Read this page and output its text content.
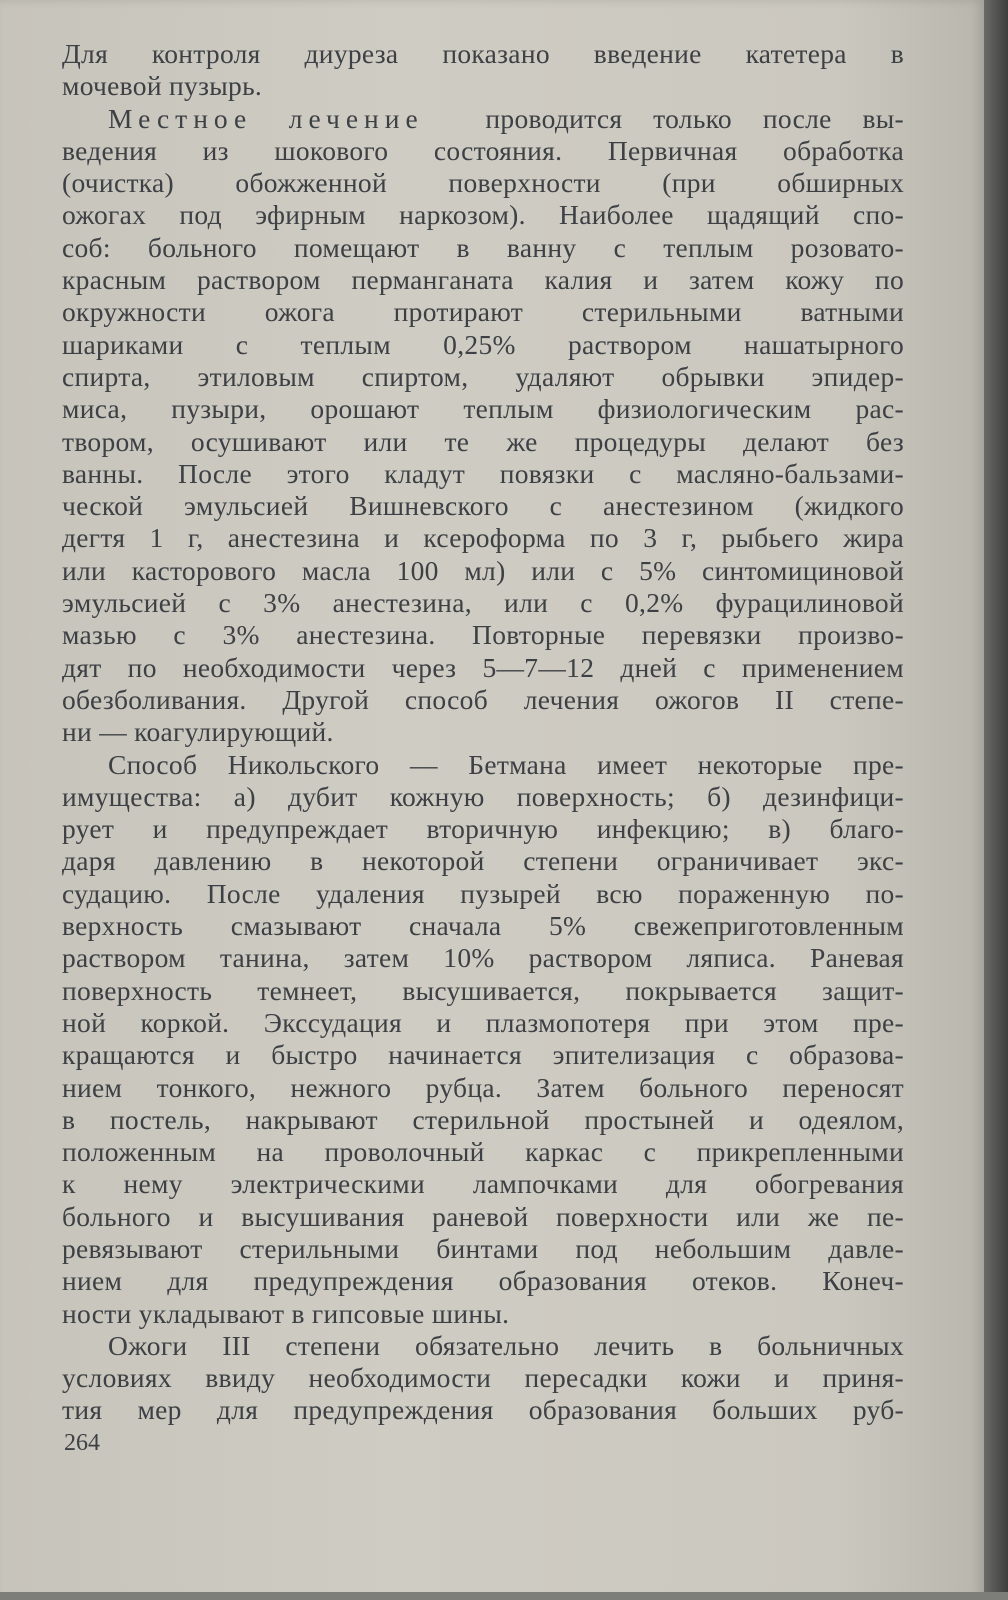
Для контроля диуреза показано введение катетера в
мочевой пузырь.
Местное лечение проводится только после вы-
ведения из шокового состояния. Первичная обработка
(очистка) обожженной поверхности (при обширных
ожогах под эфирным наркозом). Наиболее щадящий спо-
соб: больного помещают в ванну с теплым розовато-
красным раствором перманганата калия и затем кожу по
окружности ожога протирают стерильными ватными
шариками с теплым 0,25% раствором нашатырного
спирта, этиловым спиртом, удаляют обрывки эпидер-
миса, пузыри, орошают теплым физиологическим рас-
твором, осушивают или те же процедуры делают без
ванны. После этого кладут повязки с масляно-бальзами-
ческой эмульсией Вишневского с анестезином (жидкого
дегтя 1 г, анестезина и ксероформа по 3 г, рыбьего жира
или касторового масла 100 мл) или с 5% синтомициновой
эмульсией с 3% анестезина, или с 0,2% фурацилиновой
мазью с 3% анестезина. Повторные перевязки произво-
дят по необходимости через 5—7—12 дней с применением
обезболивания. Другой способ лечения ожогов II степе-
ни — коагулирующий.
Способ Никольского — Бетмана имеет некоторые пре-
имущества: а) дубит кожную поверхность; б) дезинфици-
рует и предупреждает вторичную инфекцию; в) благо-
даря давлению в некоторой степени ограничивает экс-
судацию. После удаления пузырей всю пораженную по-
верхность смазывают сначала 5% свежеприготовленным
раствором танина, затем 10% раствором ляписа. Раневая
поверхность темнеет, высушивается, покрывается защит-
ной коркой. Экссудация и плазмопотеря при этом пре-
кращаются и быстро начинается эпителизация с образова-
нием тонкого, нежного рубца. Затем больного переносят
в постель, накрывают стерильной простыней и одеялом,
положенным на проволочный каркас с прикрепленными
к нему электрическими лампочками для обогревания
больного и высушивания раневой поверхности или же пе-
ревязывают стерильными бинтами под небольшим давле-
нием для предупреждения образования отеков. Конеч-
ности укладывают в гипсовые шины.
Ожоги III степени обязательно лечить в больничных
условиях ввиду необходимости пересадки кожи и приня-
тия мер для предупреждения образования больших руб-
264
